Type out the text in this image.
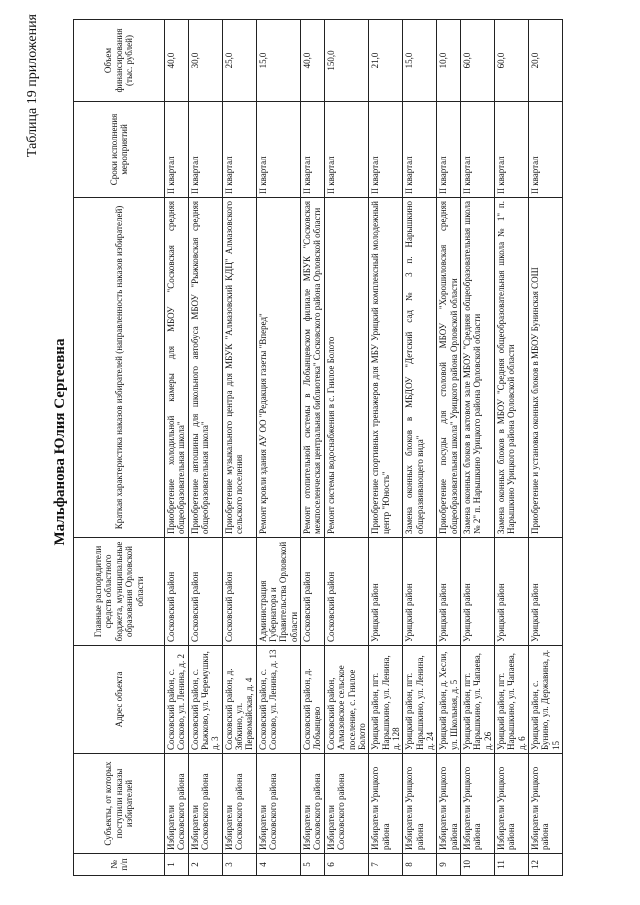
Таблица 19 приложения
Мальфанова Юлия Сергеевна
№ п/п	Субъекты, от которых поступили наказы избирателей	Адрес объекта	Главные распорядители средств областного бюджета, муниципальные образования Орловской области	Краткая характеристика наказов избирателей (направленность наказов избирателей)	Сроки исполнения мероприятий	Объем финансирования (тыс. рублей)
1	Избиратели Сосковского района	Сосковский район, с. Сосково, ул. Ленина, д. 2	Сосковский район	Приобретение холодильной камеры для МБОУ "Сосковская средняя общеобразовательная школа"	II квартал	40,0
2	Избиратели Сосковского района	Сосковский район, с. Рыжково, ул. Черемушки, д. 3	Сосковский район	Приобретение автошины для школьного автобуса МБОУ "Рыжковская средняя общеобразовательная школа"	II квартал	30,0
3	Избиратели Сосковского района	Сосковский район, д. Зябкино, ул. Первомайская, д. 4	Сосковский район	Приобретение музыкального центра для МБУК "Алмазовский КДЦ" Алмазовского сельского поселения	II квартал	25,0
4	Избиратели Сосковского района	Сосковский район, с. Сосково, ул. Ленина, д. 13	Администрация Губернатора и Правительства Орловской области	Ремонт кровли здания АУ ОО "Редакция газеты "Вперед"	II квартал	15,0
5	Избиратели Сосковского района	Сосковский район, д. Лобынцево	Сосковский район	Ремонт отопительной системы в Лобынцевском филиале МБУК "Сосковская межпоселенческая центральная библиотека" Сосковского района Орловской области	II квартал	40,0
6	Избиратели Сосковского района	Сосковский район, Алмазовское сельское поселение, с. Гнилое Болото	Сосковский район	Ремонт системы водоснабжения в с. Гнилое Болото	II квартал	150,0
7	Избиратели Урицкого района	Урицкий район, пгт. Нарышкино, ул. Ленина, д. 128	Урицкий район	Приобретение спортивных тренажеров для МБУ Урицкий комплексный молодежный центр "Юность"	II квартал	21,0
8	Избиратели Урицкого района	Урицкий район, пгт. Нарышкино, ул. Ленина, д. 24	Урицкий район	Замена оконных блоков в МБДОУ "Детский сад № 3 п. Нарышкино общеразвивающего вида"	II квартал	15,0
9	Избиратели Урицкого района	Урицкий район, д. Хесли, ул. Школьная, д. 5	Урицкий район	Приобретение посуды для столовой МБОУ "Хорошиловская средняя общеобразовательная школа" Урицкого района Орловской области	II квартал	10,0
10	Избиратели Урицкого района	Урицкий район, пгт. Нарышкино, ул. Чапаева, д. 26	Урицкий район	Замена оконных блоков в актовом зале МБОУ "Средняя общеобразовательная школа № 2" п. Нарышкино Урицкого района Орловской области	II квартал	60,0
11	Избиратели Урицкого района	Урицкий район, пгт. Нарышкино, ул. Чапаева, д. 6	Урицкий район	Замена оконных блоков в МБОУ "Средняя общеобразовательная школа № 1" п. Нарышкино Урицкого района Орловской области	II квартал	60,0
12	Избиратели Урицкого района	Урицкий район, с. Бунино, ул. Державина, д. 15	Урицкий район	Приобретение и установка оконных блоков в МБОУ Бунинская СОШ	II квартал	20,0
